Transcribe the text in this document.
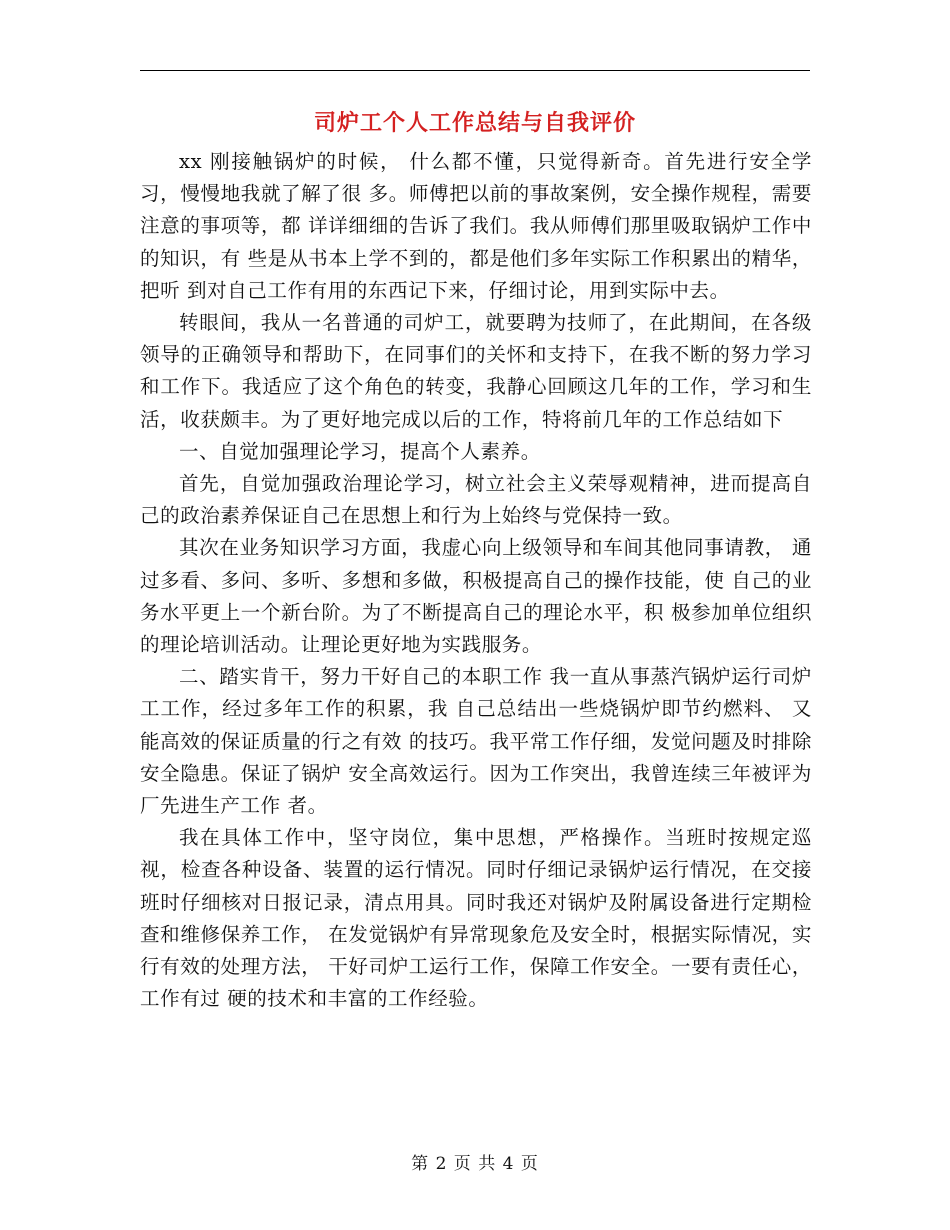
司炉工个人工作总结与自我评价

xx 刚接触锅炉的时候， 什么都不懂，只觉得新奇。首先进行安全学习，慢慢地我就了解了很 多。师傅把以前的事故案例，安全操作规程，需要注意的事项等，都 详详细细的告诉了我们。我从师傅们那里吸取锅炉工作中的知识，有 些是从书本上学不到的，都是他们多年实际工作积累出的精华，把听 到对自己工作有用的东西记下来，仔细讨论，用到实际中去。

转眼间，我从一名普通的司炉工，就要聘为技师了，在此期间，在各级领导的正确领导和帮助下，在同事们的关怀和支持下，在我不断的努力学习和工作下。我适应了这个角色的转变，我静心回顾这几年的工作，学习和生活，收获颇丰。为了更好地完成以后的工作，特将前几年的工作总结如下

一、自觉加强理论学习，提高个人素养。

首先，自觉加强政治理论学习，树立社会主义荣辱观精神，进而提高自己的政治素养保证自己在思想上和行为上始终与党保持一致。

其次在业务知识学习方面，我虚心向上级领导和车间其他同事请教， 通过多看、多问、多听、多想和多做，积极提高自己的操作技能，使 自己的业务水平更上一个新台阶。为了不断提高自己的理论水平，积 极参加单位组织的理论培训活动。让理论更好地为实践服务。

二、踏实肯干，努力干好自己的本职工作 我一直从事蒸汽锅炉运行司炉工工作，经过多年工作的积累，我 自己总结出一些烧锅炉即节约燃料、 又能高效的保证质量的行之有效 的技巧。我平常工作仔细，发觉问题及时排除安全隐患。保证了锅炉 安全高效运行。因为工作突出，我曾连续三年被评为厂先进生产工作 者。

我在具体工作中，坚守岗位，集中思想，严格操作。当班时按规定巡视，检查各种设备、装置的运行情况。同时仔细记录锅炉运行情况，在交接班时仔细核对日报记录，清点用具。同时我还对锅炉及附属设备进行定期检查和维修保养工作， 在发觉锅炉有异常现象危及安全时，根据实际情况，实行有效的处理方法， 干好司炉工运行工作，保障工作安全。一要有责任心，工作有过 硬的技术和丰富的工作经验。

第 2 页 共 4 页
